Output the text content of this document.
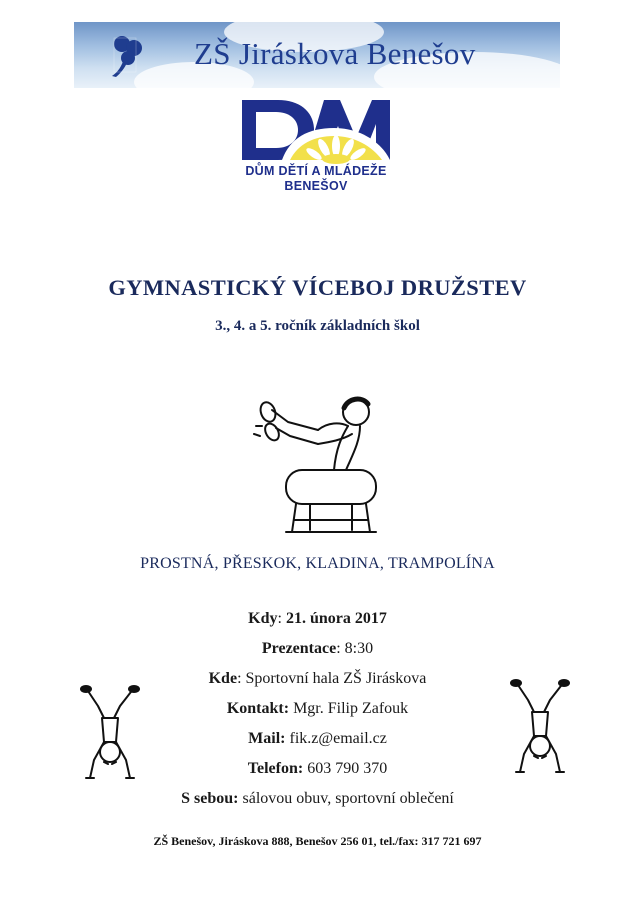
ZŠ Jiráskova Benešov
DŮM DĚTÍ A MLÁDEŽE
BENEŠOV
GYMNASTICKÝ VÍCEBOJ DRUŽSTEV
3., 4. a 5. ročník základních škol
PROSTNÁ, PŘESKOK, KLADINA, TRAMPOLÍNA
Kdy: 21. února 2017
Prezentace: 8:30
Kde: Sportovní hala ZŠ Jiráskova
Kontakt: Mgr. Filip Zafouk
Mail: fik.z@email.cz
Telefon: 603 790 370
S sebou: sálovou obuv, sportovní oblečení
ZŠ Benešov, Jiráskova 888, Benešov 256 01, tel./fax: 317 721 697
